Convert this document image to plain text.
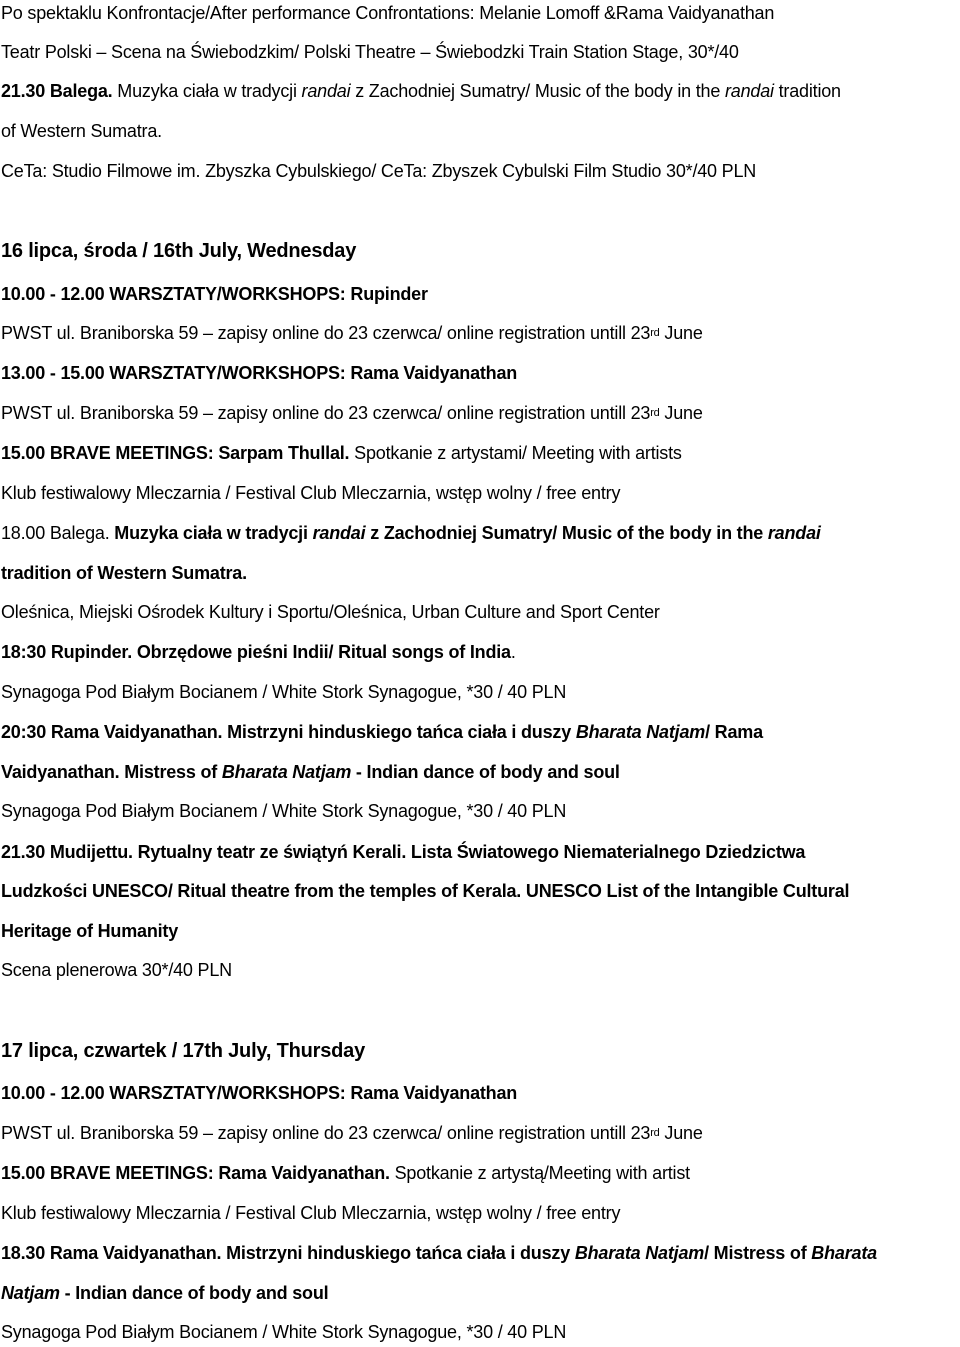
Po spektaklu Konfrontacje/After performance Confrontations: Melanie Lomoff &Rama Vaidyanathan
Teatr Polski – Scena na Świebodzkim/ Polski Theatre – Świebodzki Train Station Stage, 30*/40
21.30 Balega. Muzyka ciała w tradycji randai z Zachodniej Sumatry/ Music of the body in the randai tradition
of Western Sumatra.
CeTa: Studio Filmowe im. Zbyszka Cybulskiego/ CeTa: Zbyszek Cybulski Film Studio 30*/40 PLN
16 lipca, środa / 16th July, Wednesday
10.00 - 12.00 WARSZTATY/WORKSHOPS: Rupinder
PWST ul. Braniborska 59 – zapisy online do 23 czerwca/ online registration untill 23rd June
13.00 - 15.00 WARSZTATY/WORKSHOPS: Rama Vaidyanathan
PWST ul. Braniborska 59 – zapisy online do 23 czerwca/ online registration untill 23rd June
15.00 BRAVE MEETINGS: Sarpam Thullal. Spotkanie z artystami/ Meeting with artists
Klub festiwalowy Mleczarnia / Festival Club Mleczarnia, wstęp wolny / free entry
18.00 Balega. Muzyka ciała w tradycji randai z Zachodniej Sumatry/ Music of the body in the randai
tradition of Western Sumatra.
Oleśnica, Miejski Ośrodek Kultury i Sportu/Oleśnica, Urban Culture and Sport Center
18:30 Rupinder. Obrzędowe pieśni Indii/ Ritual songs of India.
Synagoga Pod Białym Bocianem / White Stork Synagogue, *30 / 40 PLN
20:30 Rama Vaidyanathan. Mistrzyni hinduskiego tańca ciała i duszy Bharata Natjam/ Rama
Vaidyanathan. Mistress of Bharata Natjam - Indian dance of body and soul
Synagoga Pod Białym Bocianem / White Stork Synagogue, *30 / 40 PLN
21.30 Mudijettu. Rytualny teatr ze świątyń Kerali. Lista Światowego Niematerialnego Dziedzictwa
Ludzkości UNESCO/ Ritual theatre from the temples of Kerala. UNESCO List of the Intangible Cultural
Heritage of Humanity
Scena plenerowa 30*/40 PLN
17 lipca, czwartek / 17th July, Thursday
10.00 - 12.00 WARSZTATY/WORKSHOPS: Rama Vaidyanathan
PWST ul. Braniborska 59 – zapisy online do 23 czerwca/ online registration untill 23rd June
15.00 BRAVE MEETINGS: Rama Vaidyanathan. Spotkanie z artystą/Meeting with artist
Klub festiwalowy Mleczarnia / Festival Club Mleczarnia, wstęp wolny / free entry
18.30 Rama Vaidyanathan. Mistrzyni hinduskiego tańca ciała i duszy Bharata Natjam/ Mistress of Bharata
Natjam - Indian dance of body and soul
Synagoga Pod Białym Bocianem / White Stork Synagogue, *30 / 40 PLN
